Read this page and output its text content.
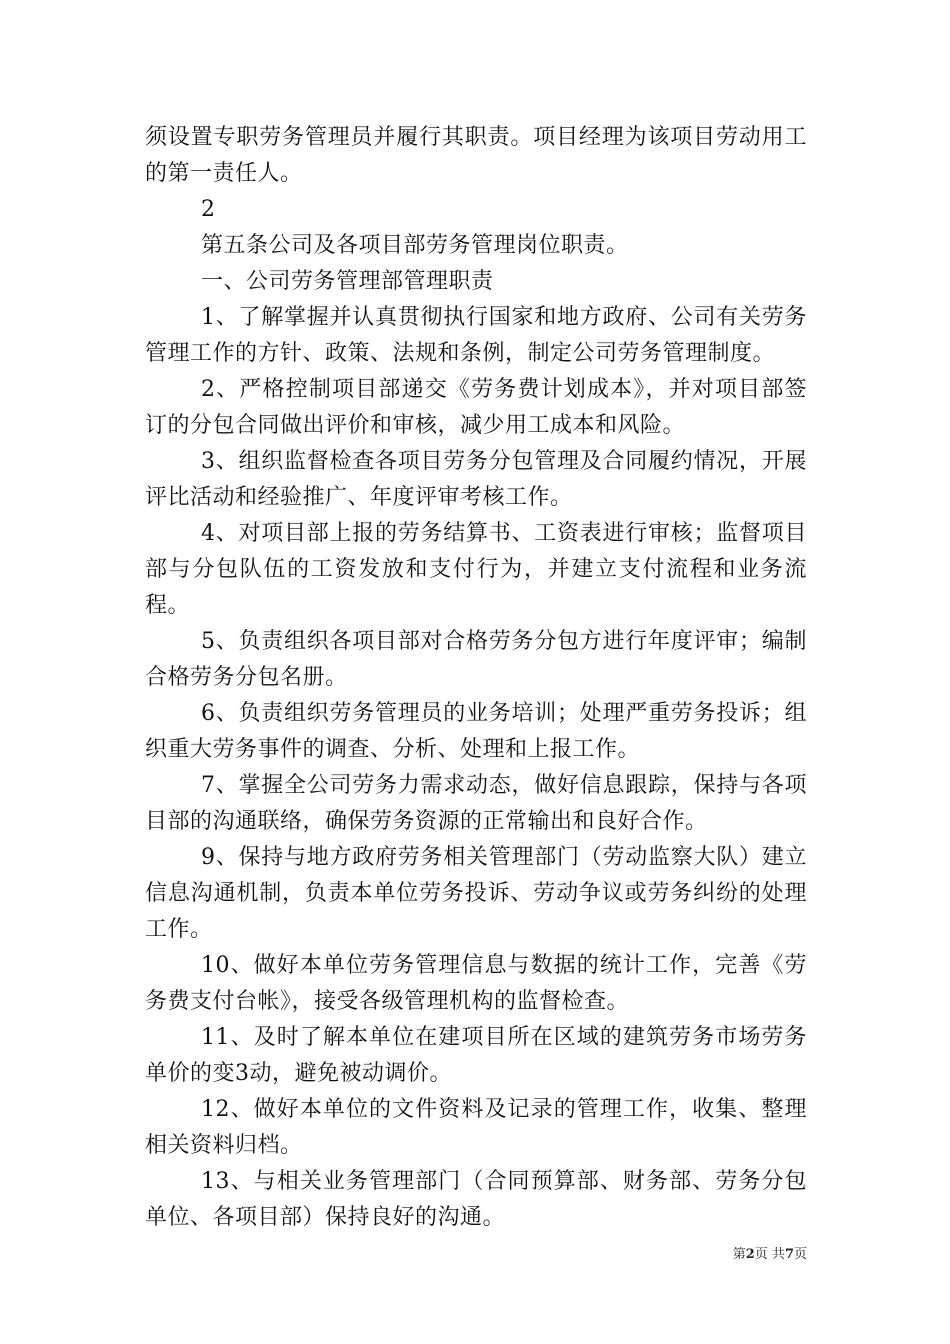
须设置专职劳务管理员并履行其职责。项目经理为该项目劳动用工的第一责任人。

2

第五条公司及各项目部劳务管理岗位职责。

一、公司劳务管理部管理职责

1、了解掌握并认真贯彻执行国家和地方政府、公司有关劳务管理工作的方针、政策、法规和条例，制定公司劳务管理制度。

2、严格控制项目部递交《劳务费计划成本》，并对项目部签订的分包合同做出评价和审核，减少用工成本和风险。

3、组织监督检查各项目劳务分包管理及合同履约情况，开展评比活动和经验推广、年度评审考核工作。

4、对项目部上报的劳务结算书、工资表进行审核；监督项目部与分包队伍的工资发放和支付行为，并建立支付流程和业务流程。

5、负责组织各项目部对合格劳务分包方进行年度评审；编制合格劳务分包名册。

6、负责组织劳务管理员的业务培训；处理严重劳务投诉；组织重大劳务事件的调查、分析、处理和上报工作。

7、掌握全公司劳务力需求动态，做好信息跟踪，保持与各项目部的沟通联络，确保劳务资源的正常输出和良好合作。

9、保持与地方政府劳务相关管理部门（劳动监察大队）建立信息沟通机制，负责本单位劳务投诉、劳动争议或劳务纠纷的处理工作。

10、做好本单位劳务管理信息与数据的统计工作，完善《劳务费支付台帐》，接受各级管理机构的监督检查。

11、及时了解本单位在建项目所在区域的建筑劳务市场劳务单价的变3动，避免被动调价。

12、做好本单位的文件资料及记录的管理工作，收集、整理相关资料归档。

13、与相关业务管理部门（合同预算部、财务部、劳务分包单位、各项目部）保持良好的沟通。

第2页 共7页
